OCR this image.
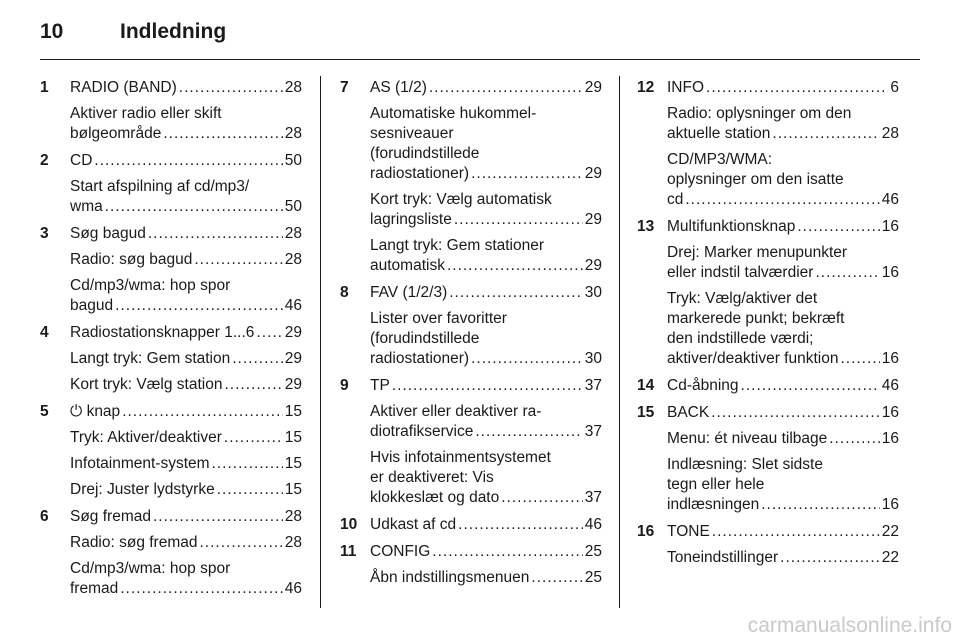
10	Indledning
1 RADIO (BAND) .....	28
Aktiver radio eller skift
bølgeområde .....	28
2 CD .....	50
Start afspilning af cd/mp3/
wma .....	50
3 Søg bagud .....	28
Radio: søg bagud .....	28
Cd/mp3/wma: hop spor
bagud .....	46
4 Radiostationsknapper 1...6 ..... 29
Langt tryk: Gem station .....	29
Kort tryk: Vælg station .....	29
5 ⏻ knap .....	15
Tryk: Aktiver/deaktiver .....	15
Infotainment-system .....	15
Drej: Juster lydstyrke .....	15
6 Søg fremad .....	28
Radio: søg fremad .....	28
Cd/mp3/wma: hop spor
fremad .....	46
7 AS (1/2) .....	29
Automatiske hukommel-
sesniveauer
(forudindstillede
radiostationer) .....	29
Kort tryk: Vælg automatisk
lagringsliste .....	29
Langt tryk: Gem stationer
automatisk .....	29
8 FAV (1/2/3) .....	30
Lister over favoritter
(forudindstillede
radiostationer) .....	30
9 TP .....	37
Aktiver eller deaktiver ra-
diotrafikservice .....	37
Hvis infotainmentsystemet
er deaktiveret: Vis
klokkeslæt og dato .....	37
10 Udkast af cd .....	46
11 CONFIG .....	25
Åbn indstillingsmenuen .....	25
12 INFO .....	6
Radio: oplysninger om den
aktuelle station .....	28
CD/MP3/WMA:
oplysninger om den isatte
cd .....	46
13 Multifunktionsknap .....	16
Drej: Marker menupunkter
eller indstil talværdier .....	16
Tryk: Vælg/aktiver det
markerede punkt; bekræft
den indstillede værdi;
aktiver/deaktiver funktion .....	16
14 Cd-åbning .....	46
15 BACK .....	16
Menu: ét niveau tilbage .....	16
Indlæsning: Slet sidste
tegn eller hele
indlæsningen .....	16
16 TONE .....	22
Toneindstillinger .....	22
carmanualsonline.info
